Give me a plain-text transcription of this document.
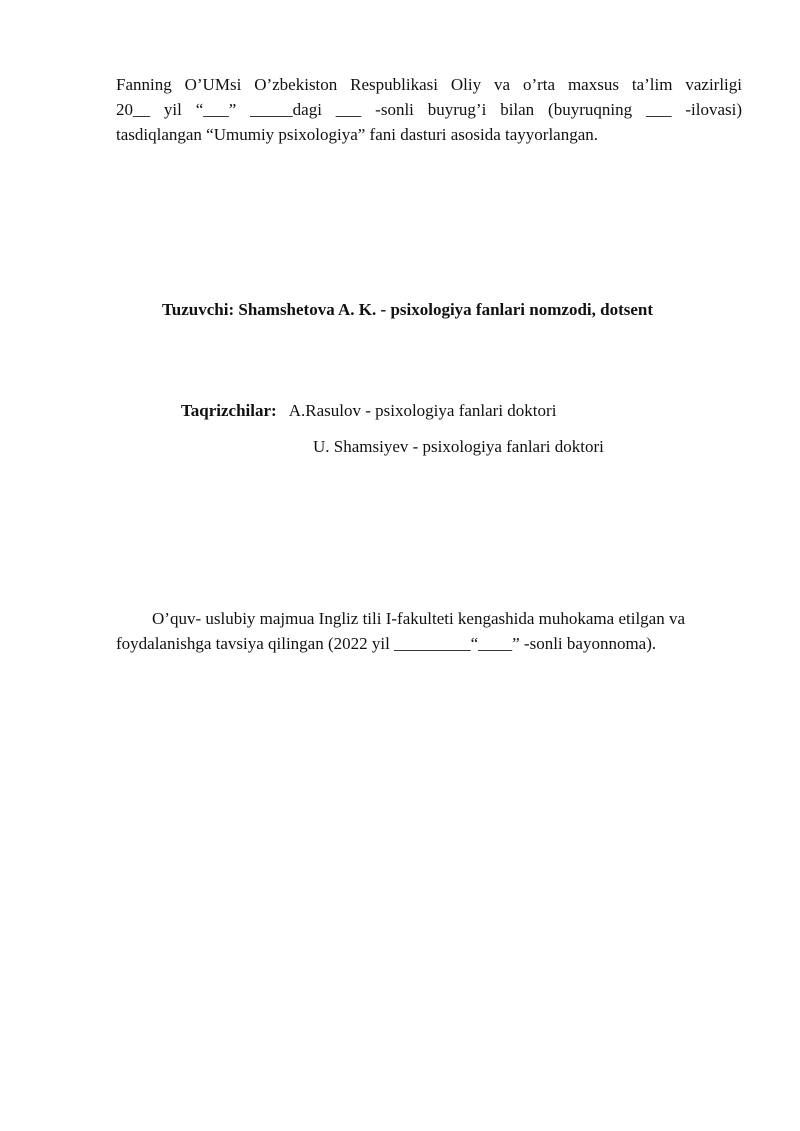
Fanning O’UMsi O’zbekiston Respublikasi Oliy va o’rta maxsus ta’lim vazirligi
20__ yil “___” _____dagi ___ -sonli buyrug’i bilan (buyruqning ___ -ilovasi)
tasdiqlangan “Umumiy psixologiya” fani dasturi asosida tayyorlangan.
Tuzuvchi: Shamshetova A. K. - psixologiya fanlari nomzodi, dotsent
Taqrizchilar: A.Rasulov - psixologiya fanlari doktori
U. Shamsiyev - psixologiya fanlari doktori
O’quv- uslubiy majmua Ingliz tili I-fakulteti kengashida muhokama etilgan va
foydalanishga tavsiya qilingan (2022 yil _________“____” -sonli bayonnoma).
